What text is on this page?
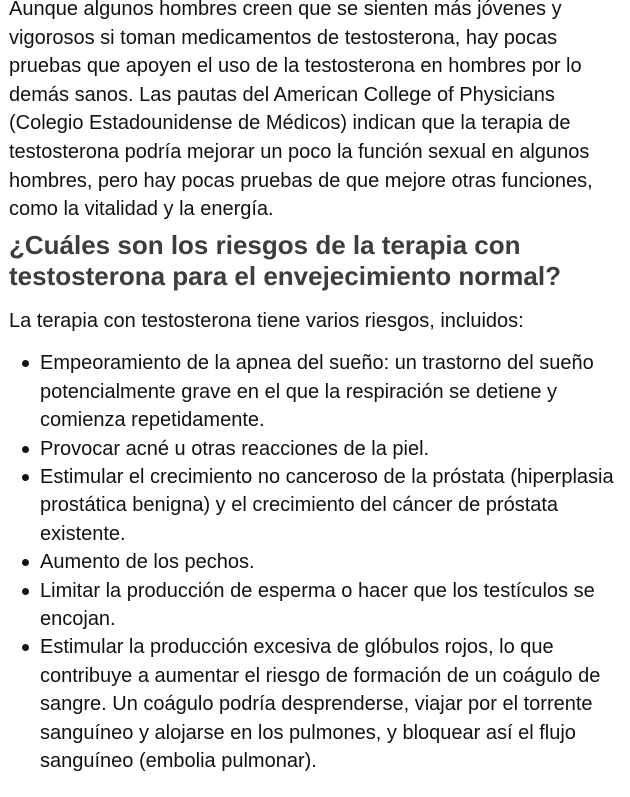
Aunque algunos hombres creen que se sienten más jóvenes y vigorosos si toman medicamentos de testosterona, hay pocas pruebas que apoyen el uso de la testosterona en hombres por lo demás sanos. Las pautas del American College of Physicians (Colegio Estadounidense de Médicos) indican que la terapia de testosterona podría mejorar un poco la función sexual en algunos hombres, pero hay pocas pruebas de que mejore otras funciones, como la vitalidad y la energía.

¿Cuáles son los riesgos de la terapia con testosterona para el envejecimiento normal?

La terapia con testosterona tiene varios riesgos, incluidos:

Empeoramiento de la apnea del sueño: un trastorno del sueño potencialmente grave en el que la respiración se detiene y comienza repetidamente.
Provocar acné u otras reacciones de la piel.
Estimular el crecimiento no canceroso de la próstata (hiperplasia prostática benigna) y el crecimiento del cáncer de próstata existente.
Aumento de los pechos.
Limitar la producción de esperma o hacer que los testículos se encojan.
Estimular la producción excesiva de glóbulos rojos, lo que contribuye a aumentar el riesgo de formación de un coágulo de sangre. Un coágulo podría desprenderse, viajar por el torrente sanguíneo y alojarse en los pulmones, y bloquear así el flujo sanguíneo (embolia pulmonar).
